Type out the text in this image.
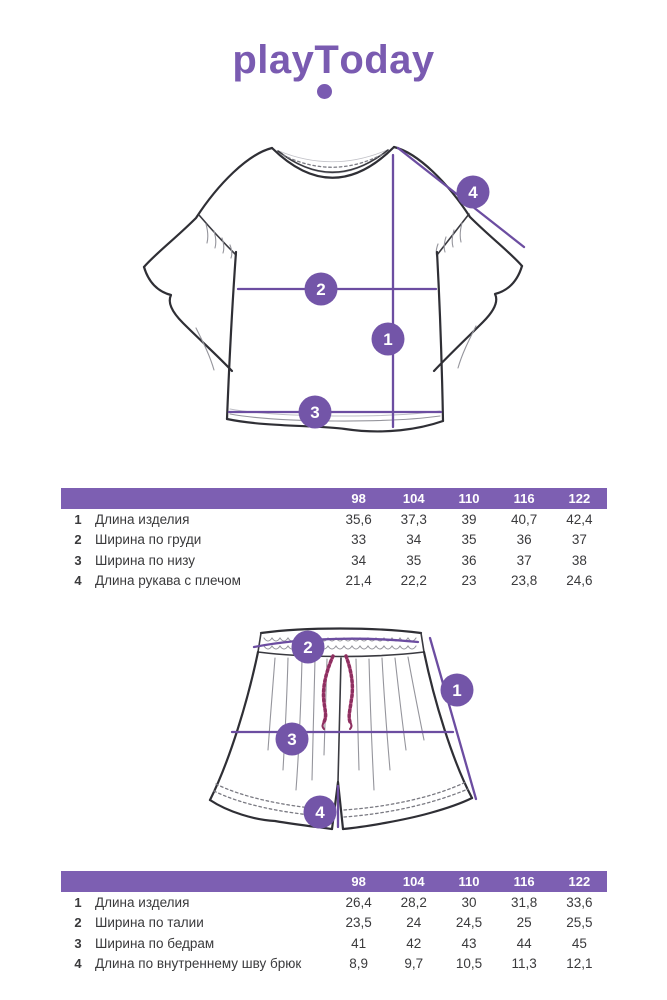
playT
oday
2
1
3
4
98	104	110	116	122
1 Длина изделия	35,6	37,3	39	40,7	42,4
2 Ширина по груди	33	34	35	36	37
3 Ширина по низу	34	35	36	37	38
4 Длина рукава с плечом	21,4	22,2	23	23,8	24,6
2
1
3
4
98	104	110	116	122
1 Длина изделия	26,4	28,2	30	31,8	33,6
2 Ширина по талии	23,5	24	24,5	25	25,5
3 Ширина по бедрам	41	42	43	44	45
4 Длина по внутреннему шву брюк	8,9	9,7	10,5	11,3	12,1
